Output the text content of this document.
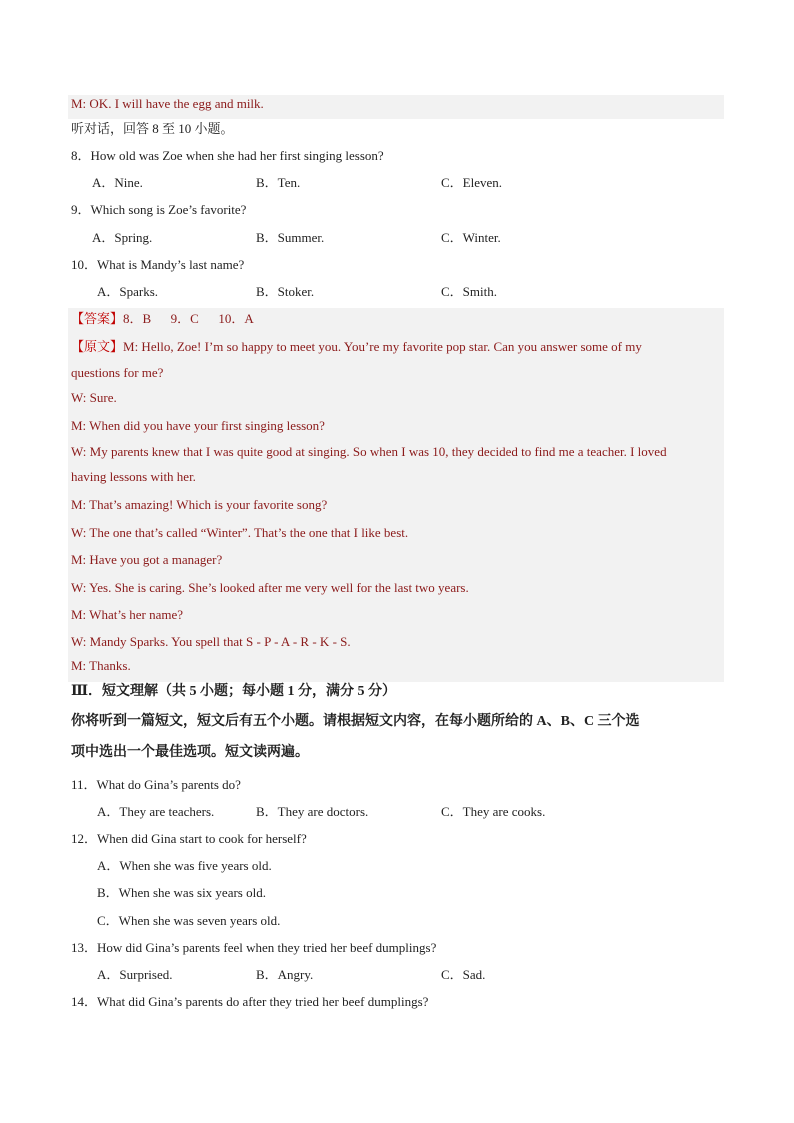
M: OK. I will have the egg and milk.
听对话，回答 8 至 10 小题。
8．How old was Zoe when she had her first singing lesson?
A．Nine.	B．Ten.	C．Eleven.
9．Which song is Zoe’s favorite?
A．Spring.	B．Summer.	C．Winter.
10．What is Mandy’s last name?
A．Sparks.	B．Stoker.	C．Smith.
【答案】8．B      9．C      10．A
【原文】M: Hello, Zoe! I’m so happy to meet you. You’re my favorite pop star. Can you answer some of my
questions for me?
W: Sure.
M: When did you have your first singing lesson?
W: My parents knew that I was quite good at singing. So when I was 10, they decided to find me a teacher. I loved
having lessons with her.
M: That’s amazing! Which is your favorite song?
W: The one that’s called “Winter”. That’s the one that I like best.
M: Have you got a manager?
W: Yes. She is caring. She’s looked after me very well for the last two years.
M: What’s her name?
W: Mandy Sparks. You spell that S - P - A - R - K - S.
M: Thanks.
Ⅲ．短文理解（共 5 小题；每小题 1 分，满分 5 分）
你将听到一篇短文，短文后有五个小题。请根据短文内容，在每小题所给的 A、B、C 三个选
项中选出一个最佳选项。短文读两遍。
11．What do Gina’s parents do?
A．They are teachers.	B．They are doctors.	C．They are cooks.
12．When did Gina start to cook for herself?
A．When she was five years old.
B．When she was six years old.
C．When she was seven years old.
13．How did Gina’s parents feel when they tried her beef dumplings?
A．Surprised.	B．Angry.	C．Sad.
14．What did Gina’s parents do after they tried her beef dumplings?
